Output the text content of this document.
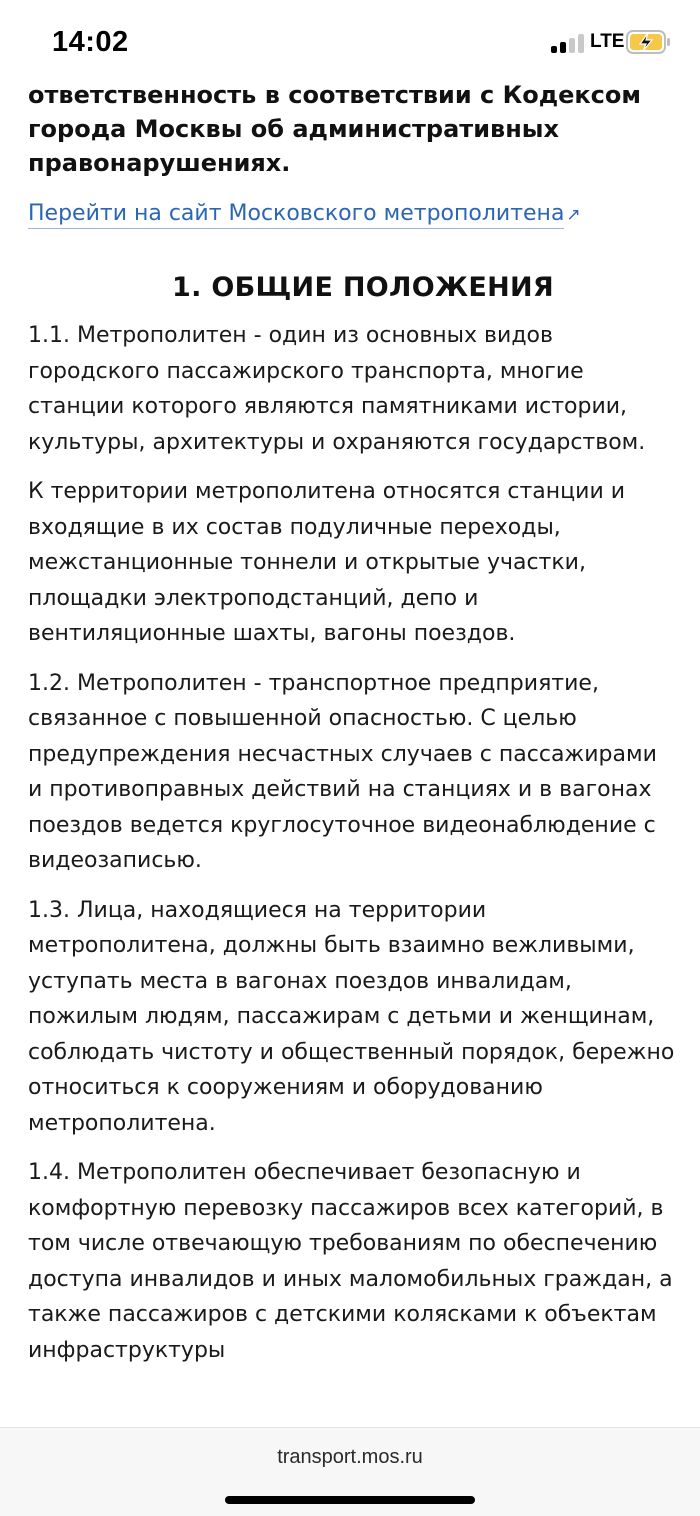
14:02	LTE

ответственность в соответствии с Кодексом города Москвы об административных правонарушениях.

Перейти на сайт Московского метрополитена ↗
1. ОБЩИЕ ПОЛОЖЕНИЯ

1.1. Метрополитен - один из основных видов городского пассажирского транспорта, многие станции которого являются памятниками истории, культуры, архитектуры и охраняются государством.

К территории метрополитена относятся станции и входящие в их состав подуличные переходы, межстанционные тоннели и открытые участки, площадки электроподстанций, депо и вентиляционные шахты, вагоны поездов.

1.2. Метрополитен - транспортное предприятие, связанное с повышенной опасностью. С целью предупреждения несчастных случаев с пассажирами и противоправных действий на станциях и в вагонах поездов ведется круглосуточное видеонаблюдение с видеозаписью.

1.3. Лица, находящиеся на территории метрополитена, должны быть взаимно вежливыми, уступать места в вагонах поездов инвалидам, пожилым людям, пассажирам с детьми и женщинам, соблюдать чистоту и общественный порядок, бережно относиться к сооружениям и оборудованию метрополитена.

1.4. Метрополитен обеспечивает безопасную и комфортную перевозку пассажиров всех категорий, в том числе отвечающую требованиям по обеспечению доступа инвалидов и иных маломобильных граждан, а также пассажиров с детскими колясками к объектам инфраструктуры

transport.mos.ru
